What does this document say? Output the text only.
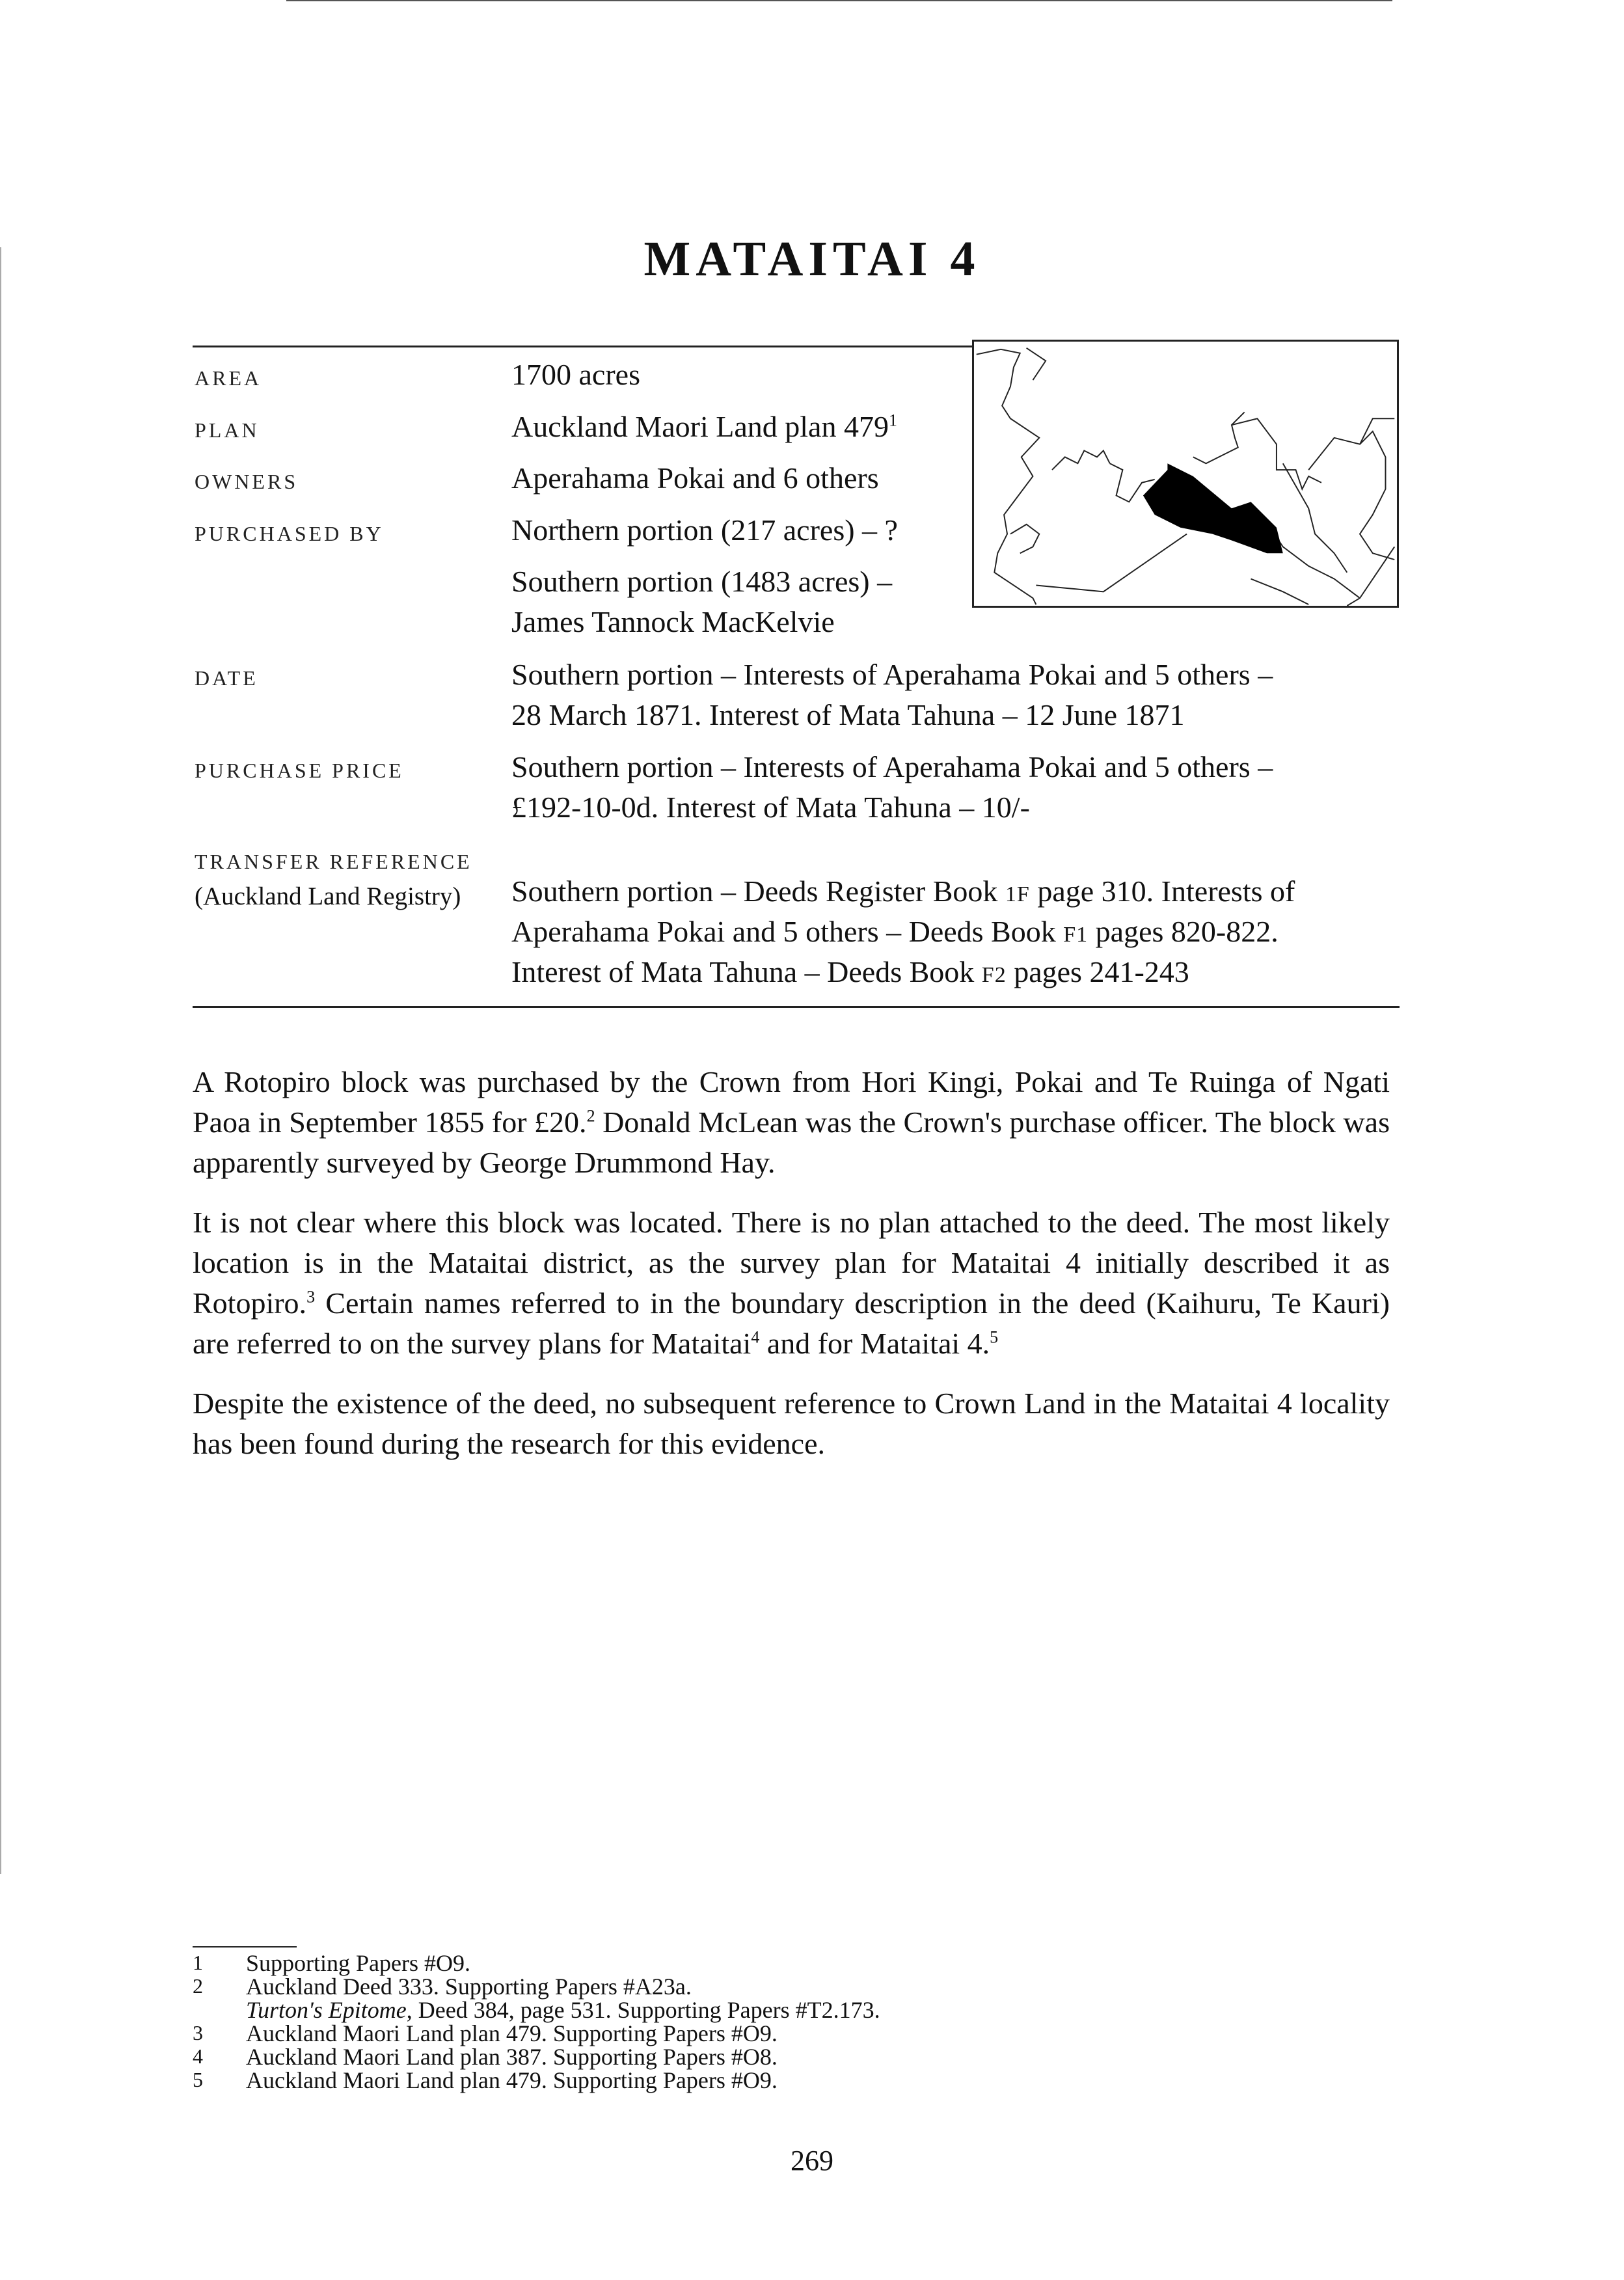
MATAITAI 4
AREA
PLAN
OWNERS
PURCHASED BY
DATE
PURCHASE PRICE
TRANSFER REFERENCE
(Auckland Land Registry)
1700 acres
Auckland Maori Land plan $479^1$
Aperahama Pokai and 6 others
Northern portion (217 acres) – ?
Southern portion (1483 acres) –
James Tannock MacKelvie
Southern portion – Interests of Aperahama Pokai and 5 others –
28 March 1871. Interest of Mata Tahuna – 12 June 1871
Southern portion – Interests of Aperahama Pokai and 5 others –
£192-10-0d. Interest of Mata Tahuna – 10/-
Southern portion – Deeds Register Book 1F page 310. Interests of
Aperahama Pokai and 5 others – Deeds Book F1 pages 820-822.
Interest of Mata Tahuna – Deeds Book F2 pages 241-243
A Rotopiro block was purchased by the Crown from Hori Kingi, Pokai and Te Ruinga of Ngati Paoa in September 1855 for £20.$^2$ Donald McLean was the Crown's purchase officer. The block was apparently surveyed by George Drummond Hay.
It is not clear where this block was located. There is no plan attached to the deed. The most likely location is in the Mataitai district, as the survey plan for Mataitai 4 initially described it as Rotopiro.$^3$ Certain names referred to in the boundary description in the deed (Kaihuru, Te Kauri) are referred to on the survey plans for Mataitai$^4$ and for Mataitai 4.$^5$
Despite the existence of the deed, no subsequent reference to Crown Land in the Mataitai 4 locality has been found during the research for this evidence.
1 Supporting Papers #O9.
2 Auckland Deed 333. Supporting Papers #A23a.
Turton's Epitome, Deed 384, page 531. Supporting Papers #T2.173.
3 Auckland Maori Land plan 479. Supporting Papers #O9.
4 Auckland Maori Land plan 387. Supporting Papers #O8.
5 Auckland Maori Land plan 479. Supporting Papers #O9.
269
